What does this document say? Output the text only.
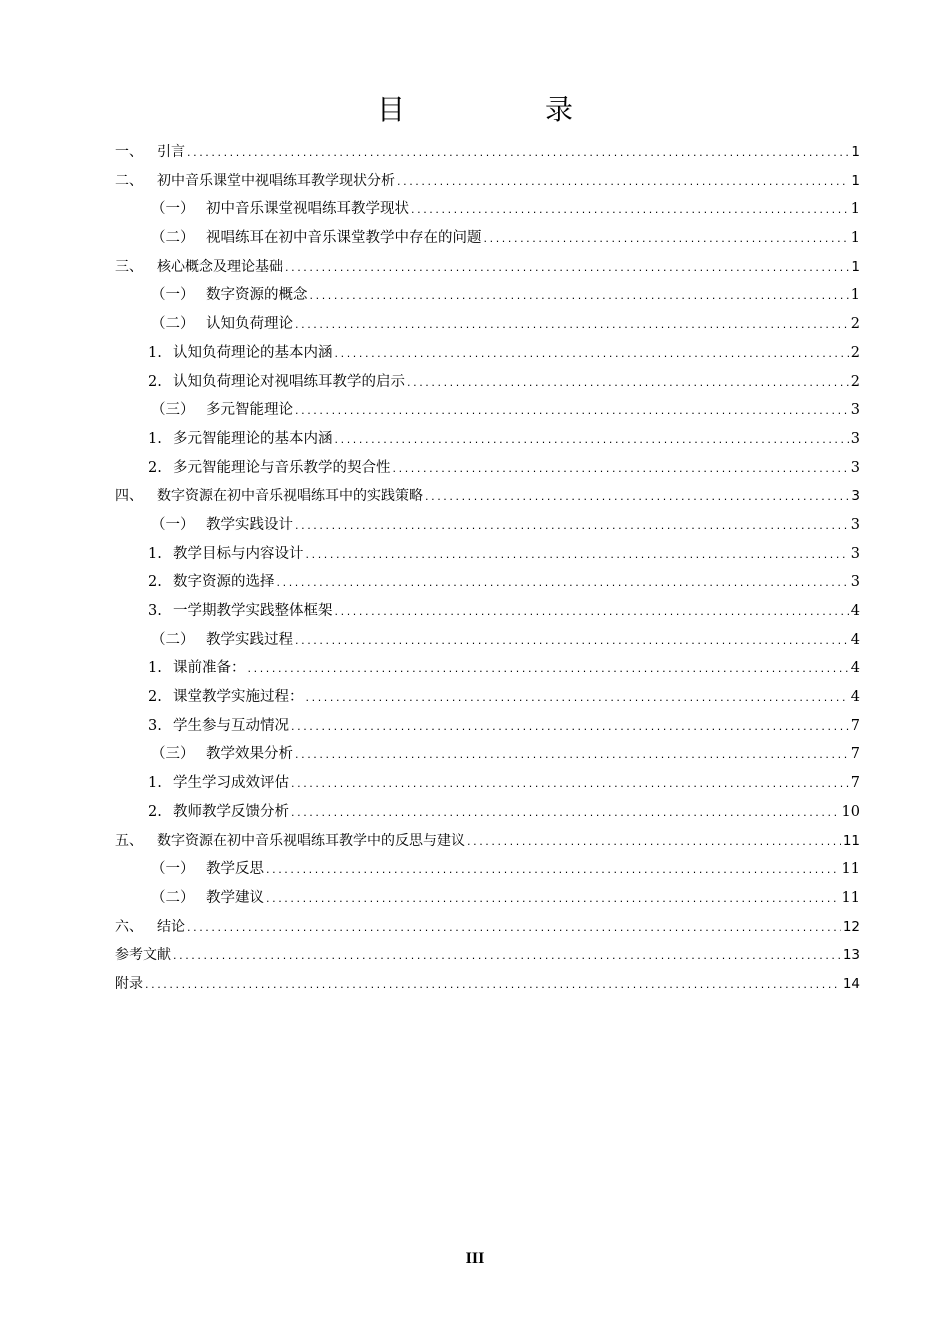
目　录
一、	引言 .....	1
二、	初中音乐课堂中视唱练耳教学现状分析 .....	1
（一） 初中音乐课堂视唱练耳教学现状 .....	1
（二） 视唱练耳在初中音乐课堂教学中存在的问题 .....	1
三、	核心概念及理论基础 .....	1
（一） 数字资源的概念 .....	1
（二） 认知负荷理论 .....	2
1. 认知负荷理论的基本内涵 .....	2
2. 认知负荷理论对视唱练耳教学的启示 .....	2
（三） 多元智能理论 .....	3
1. 多元智能理论的基本内涵 .....	3
2. 多元智能理论与音乐教学的契合性 .....	3
四、	数字资源在初中音乐视唱练耳中的实践策略 .....	3
（一） 教学实践设计 .....	3
1. 教学目标与内容设计 .....	3
2. 数字资源的选择 .....	3
3. 一学期教学实践整体框架 .....	4
（二） 教学实践过程 .....	4
1. 课前准备： .....	4
2. 课堂教学实施过程： .....	4
3. 学生参与互动情况 .....	7
（三） 教学效果分析 .....	7
1. 学生学习成效评估 .....	7
2. 教师教学反馈分析 .....	10
五、	数字资源在初中音乐视唱练耳教学中的反思与建议 .....	11
（一） 教学反思 .....	11
（二） 教学建议 .....	11
六、	结论 .....	12
参考文献 .....	13
附录 .....	14
III
